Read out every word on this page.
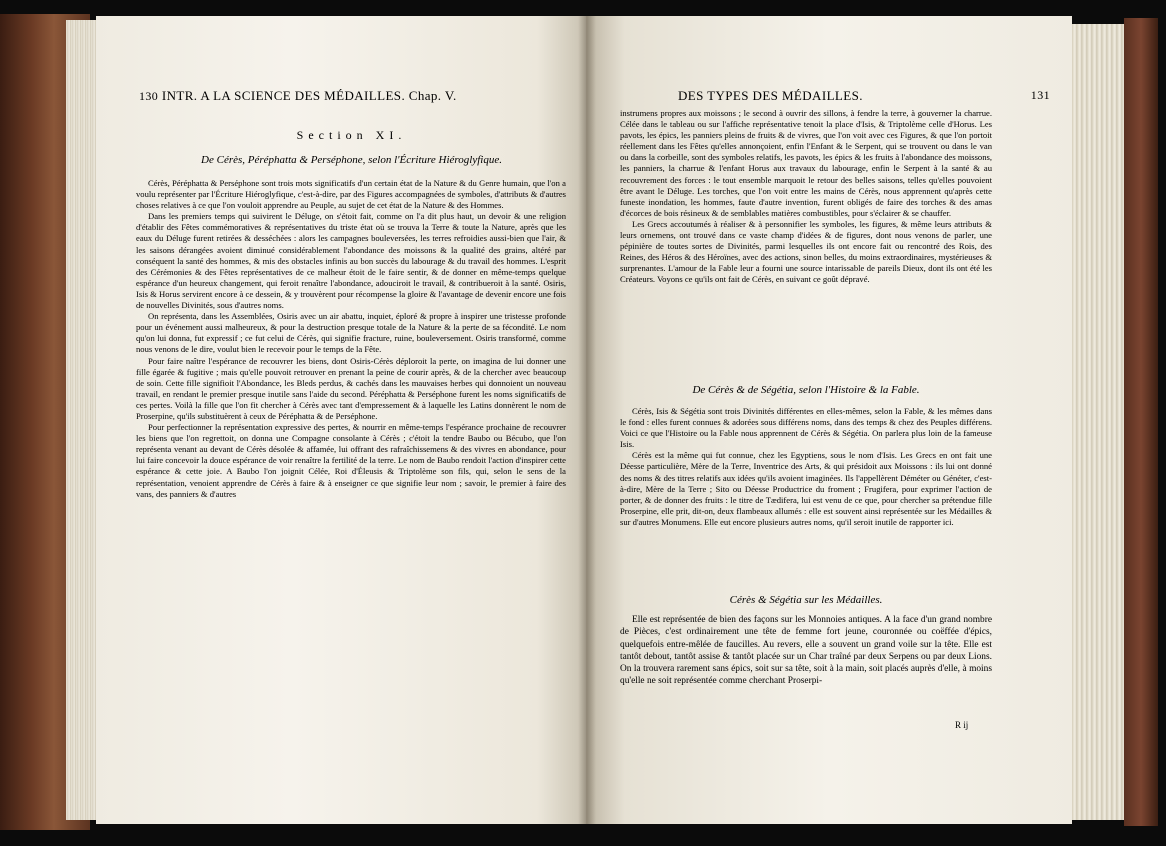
130 INTR. A LA SCIENCE DES MÉDAILLES. Chap. V.
Section XI.
De Cérès, Péréphatta & Perséphone, selon l'Écriture Hiéroglyfique.

Cérès, Péréphatta & Perséphone sont trois mots significatifs d'un certain état de la Nature & du Genre humain, que l'on a voulu représenter par l'Écriture Hiéroglyfique, c'est-à-dire, par des Figures accompagnées de symboles, d'attributs & d'autres choses relatives à ce que l'on vouloit apprendre au Peuple, au sujet de cet état de la Nature & des Hommes.

Dans les premiers temps qui suivirent le Déluge, on s'étoit fait, comme on l'a dit plus haut, un devoir & une religion d'établir des Fêtes commémoratives & représentatives du triste état où se trouva la Terre & toute la Nature, après que les eaux du Déluge furent retirées & desséchées : alors les campagnes bouleversées, les terres refroidies aussi-bien que l'air, & les saisons dérangées avoient diminué considérablement l'abondance des moissons & la qualité des grains, altéré par conséquent la santé des hommes, & mis des obstacles infinis au bon succès du labourage & du travail des hommes. L'esprit des Cérémonies & des Fêtes représentatives de ce malheur étoit de le faire sentir, & de donner en même-temps quelque espérance d'un heureux changement, qui feroit renaître l'abondance, adouciroit le travail, & contribueroit à la santé. Osiris, Isis & Horus servirent encore à ce dessein, & y trouvèrent pour récompense la gloire & l'avantage de devenir encore une fois de nouvelles Divinités, sous d'autres noms.

On représenta, dans les Assemblées, Osiris avec un air abattu, inquiet, éploré & propre à inspirer une tristesse profonde pour un événement aussi malheureux, & pour la destruction presque totale de la Nature & la perte de sa fécondité. Le nom qu'on lui donna, fut expressif ; ce fut celui de Cérès, qui signifie fracture, ruine, bouleversement. Osiris transformé, comme nous venons de le dire, voulut bien le recevoir pour le temps de la Fête.

Pour faire naître l'espérance de recouvrer les biens, dont Osiris-Cérès déploroit la perte, on imagina de lui donner une fille égarée & fugitive ; mais qu'elle pouvoit retrouver en prenant la peine de courir après, & de la chercher avec beaucoup de soin. Cette fille signifioit l'Abondance, les Bleds perdus, & cachés dans les mauvaises herbes qui donnoient un nouveau travail, en rendant le premier presque inutile sans l'aide du second. Péréphatta & Perséphone furent les noms significatifs de ces pertes. Voilà la fille que l'on fit chercher à Cérès avec tant d'empressement & à laquelle les Latins donnèrent le nom de Proserpine, qu'ils substituèrent à ceux de Péréphatta & de Perséphone.

Pour perfectionner la représentation expressive des pertes, & nourrir en même-temps l'espérance prochaine de recouvrer les biens que l'on regrettoit, on donna une Compagne consolante à Cérès ; c'étoit la tendre Baubo ou Bécubo, que l'on représenta venant au devant de Cérès désolée & affamée, lui offrant des rafraîchissemens & des vivres en abondance, pour lui faire concevoir la douce espérance de voir renaître la fertilité de la terre. Le nom de Baubo rendoit l'action d'inspirer cette espérance & cette joie. A Baubo l'on joignit Célée, Roi d'Éleusis & Triptolème son fils, qui, selon le sens de la représentation, venoient apprendre de Cérès à faire & à enseigner ce que signifie leur nom ; savoir, le premier à faire des vans, des panniers & d'autres

DES TYPES DES MÉDAILLES.	131

instrumens propres aux moissons ; le second à ouvrir des sillons, à fendre la terre, à gouverner la charrue. Célée dans le tableau ou sur l'affiche représentative tenoit la place d'Isis, & Triptolème celle d'Horus. Les pavots, les épics, les panniers pleins de fruits & de vivres, que l'on voit avec ces Figures, & que l'on portoit réellement dans les Fêtes qu'elles annonçoient, enfin l'Enfant & le Serpent, qui se trouvent ou dans le van ou dans la corbeille, sont des symboles relatifs, les pavots, les épics & les fruits à l'abondance des moissons, les panniers, la charrue & l'enfant Horus aux travaux du labourage, enfin le Serpent à la santé & au recouvrement des forces : le tout ensemble marquoit le retour des belles saisons, telles qu'elles pouvoient être avant le Déluge. Les torches, que l'on voit entre les mains de Cérès, nous apprennent qu'après cette funeste inondation, les hommes, faute d'autre invention, furent obligés de faire des torches & des amas d'écorces de bois résineux & de semblables matières combustibles, pour s'éclairer & se chauffer.

Les Grecs accoutumés à réaliser & à personnifier les symboles, les figures, & même leurs attributs & leurs ornemens, ont trouvé dans ce vaste champ d'idées & de figures, dont nous venons de parler, une pépinière de toutes sortes de Divinités, parmi lesquelles ils ont encore fait ou rencontré des Rois, des Reines, des Héros & des Héroïnes, avec des actions, sinon belles, du moins extraordinaires, mystérieuses & surprenantes. L'amour de la Fable leur a fourni une source intarissable de pareils Dieux, dont ils ont été les Créateurs. Voyons ce qu'ils ont fait de Cérès, en suivant ce goût dépravé.

De Cérès & de Ségétia, selon l'Histoire & la Fable.

Cérès, Isis & Ségétia sont trois Divinités différentes en elles-mêmes, selon la Fable, & les mêmes dans le fond : elles furent connues & adorées sous différens noms, dans des temps & chez des Peuples différens. Voici ce que l'Histoire ou la Fable nous apprennent de Cérès & Ségétia. On parlera plus loin de la fameuse Isis.

Cérès est la même qui fut connue, chez les Egyptiens, sous le nom d'Isis. Les Grecs en ont fait une Déesse particulière, Mère de la Terre, Inventrice des Arts, & qui présidoit aux Moissons : ils lui ont donné des noms & des titres relatifs aux idées qu'ils avoient imaginées. Ils l'appellèrent Déméter ou Généter, c'est-à-dire, Mère de la Terre ; Sito ou Déesse Productrice du froment ; Frugifera, pour exprimer l'action de porter, & de donner des fruits : le titre de Tædifera, lui est venu de ce que, pour chercher sa prétendue fille Proserpine, elle prit, dit-on, deux flambeaux allumés : elle est souvent ainsi représentée sur les Médailles & sur d'autres Monumens. Elle eut encore plusieurs autres noms, qu'il seroit inutile de rapporter ici.

Cérès & Ségétia sur les Médailles.

Elle est représentée de bien des façons sur les Monnoies antiques. A la face d'un grand nombre de Pièces, c'est ordinairement une tête de femme fort jeune, couronnée ou coëffée d'épics, quelquefois entre-mêlée de faucilles. Au revers, elle a souvent un grand voile sur la tête. Elle est tantôt debout, tantôt assise & tantôt placée sur un Char traîné par deux Serpens ou par deux Lions. On la trouvera rarement sans épics, soit sur sa tête, soit à la main, soit placés auprès d'elle, à moins qu'elle ne soit représentée comme cherchant Proserpi-

R ij
